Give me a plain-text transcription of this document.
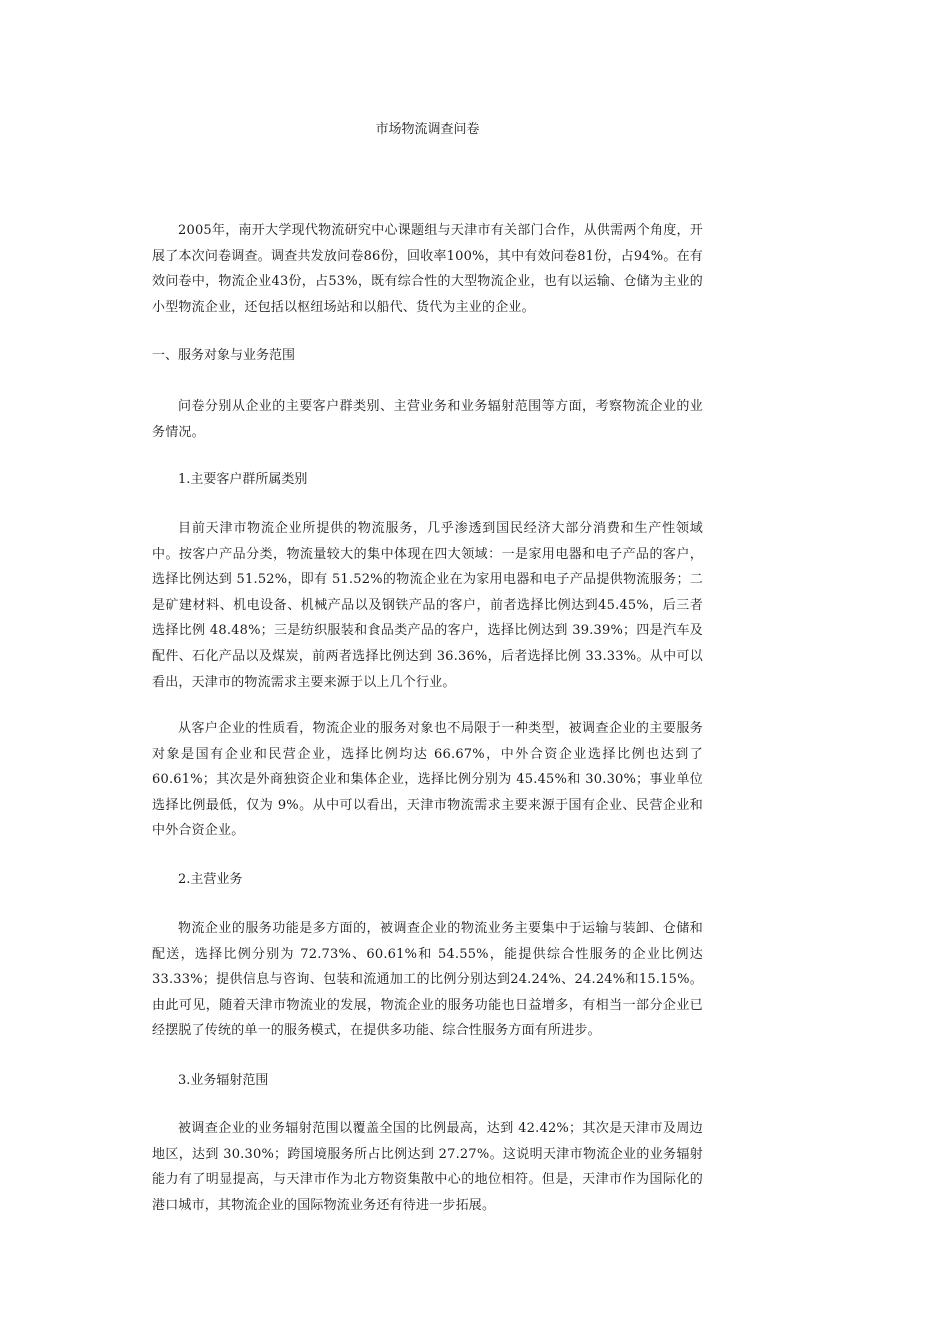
市场物流调查问卷

2005年，南开大学现代物流研究中心课题组与天津市有关部门合作，从供需两个角度，开展了本次问卷调查。调查共发放问卷86份，回收率100%，其中有效问卷81份，占94%。在有效问卷中，物流企业43份，占53%，既有综合性的大型物流企业，也有以运输、仓储为主业的小型物流企业，还包括以枢纽场站和以船代、货代为主业的企业。

一、服务对象与业务范围

问卷分别从企业的主要客户群类别、主营业务和业务辐射范围等方面，考察物流企业的业务情况。

1.主要客户群所属类别

目前天津市物流企业所提供的物流服务，几乎渗透到国民经济大部分消费和生产性领域中。按客户产品分类，物流量较大的集中体现在四大领域：一是家用电器和电子产品的客户，选择比例达到 51.52%，即有 51.52%的物流企业在为家用电器和电子产品提供物流服务；二是矿建材料、机电设备、机械产品以及钢铁产品的客户，前者选择比例达到45.45%，后三者选择比例 48.48%；三是纺织服装和食品类产品的客户，选择比例达到 39.39%；四是汽车及配件、石化产品以及煤炭，前两者选择比例达到 36.36%，后者选择比例 33.33%。从中可以看出，天津市的物流需求主要来源于以上几个行业。

从客户企业的性质看，物流企业的服务对象也不局限于一种类型，被调查企业的主要服务对象是国有企业和民营企业，选择比例均达 66.67%，中外合资企业选择比例也达到了60.61%；其次是外商独资企业和集体企业，选择比例分别为 45.45%和 30.30%；事业单位选择比例最低，仅为 9%。从中可以看出，天津市物流需求主要来源于国有企业、民营企业和中外合资企业。

2.主营业务

物流企业的服务功能是多方面的，被调查企业的物流业务主要集中于运输与装卸、仓储和配送，选择比例分别为 72.73%、60.61%和 54.55%，能提供综合性服务的企业比例达33.33%；提供信息与咨询、包装和流通加工的比例分别达到24.24%、24.24%和15.15%。由此可见，随着天津市物流业的发展，物流企业的服务功能也日益增多，有相当一部分企业已经摆脱了传统的单一的服务模式，在提供多功能、综合性服务方面有所进步。

3.业务辐射范围

被调查企业的业务辐射范围以覆盖全国的比例最高，达到 42.42%；其次是天津市及周边地区，达到 30.30%；跨国境服务所占比例达到 27.27%。这说明天津市物流企业的业务辐射能力有了明显提高，与天津市作为北方物资集散中心的地位相符。但是，天津市作为国际化的港口城市，其物流企业的国际物流业务还有待进一步拓展。
